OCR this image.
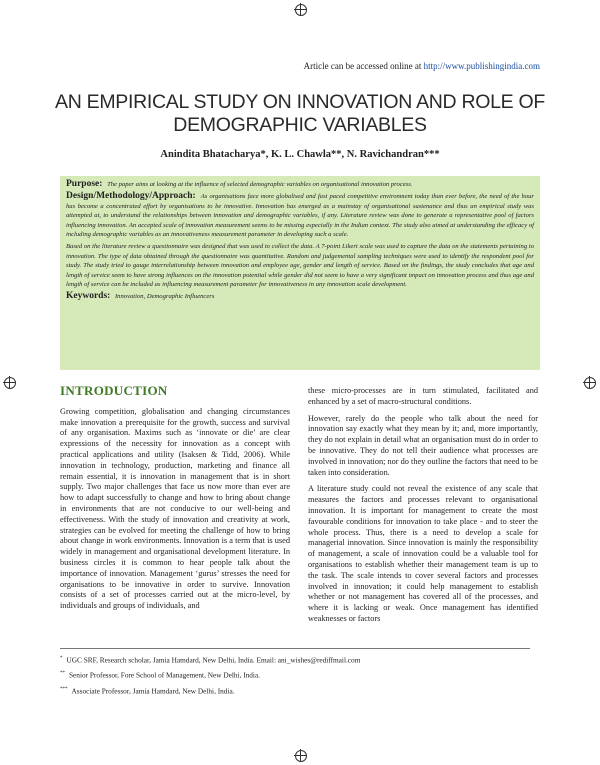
Article can be accessed online at http://www.publishingindia.com
AN EMPIRICAL STUDY ON INNOVATION AND ROLE OF DEMOGRAPHIC VARIABLES
Anindita Bhatacharya*, K. L. Chawla**, N. Ravichandran***

Purpose: The paper aims at looking at the influence of selected demographic variables on organisational innovation process.

Design/Methodology/Approach: As organisations face more globalised and fast paced competitive environment today than ever before, the need of the hour has become a concentrated effort by organisations to be innovative. Innovation has emerged as a mainstay of organisational sustenance and thus an empirical study was attempted at, to understand the relationships between innovation and demographic variables, if any. Literature review was done to generate a representative pool of factors influencing innovation. An accepted scale of innovation measurement seems to be missing especially in the Indian context. The study also aimed at understanding the efficacy of including demographic variables as an innovativeness measurement parameter in developing such a scale.

Based on the literature review a questionnaire was designed that was used to collect the data. A 7-point Likert scale was used to capture the data on the statements pertaining to innovation. The type of data obtained through the questionnaire was quantitative. Random and judgemental sampling techniques were used to identify the respondent pool for study. The study tried to gauge interrelationship between innovation and employee age, gender and length of service. Based on the findings, the study concludes that age and length of service seem to have strong influences on the innovation potential while gender did not seem to have a very significant impact on innovation process and thus age and length of service can be included as influencing measurement parameter for innovativeness in any innovation scale development.

Keywords: Innovation, Demographic Influencers

INTRODUCTION

Growing competition, globalisation and changing circumstances make innovation a prerequisite for the growth, success and survival of any organisation. Maxims such as ‘innovate or die’ are clear expressions of the necessity for innovation as a concept with practical applications and utility (Isaksen & Tidd, 2006). While innovation in technology, production, marketing and finance all remain essential, it is innovation in management that is in short supply. Two major challenges that face us now more than ever are how to adapt successfully to change and how to bring about change in environments that are not conducive to our well-being and effectiveness. With the study of innovation and creativity at work, strategies can be evolved for meeting the challenge of how to bring about change in work environments. Innovation is a term that is used widely in management and organisational development literature. In business circles it is common to hear people talk about the importance of innovation. Management ‘gurus’ stresses the need for organisations to be innovative in order to survive. Innovation consists of a set of processes carried out at the micro-level, by individuals and groups of individuals, and

these micro-processes are in turn stimulated, facilitated and enhanced by a set of macro-structural conditions.

However, rarely do the people who talk about the need for innovation say exactly what they mean by it; and, more importantly, they do not explain in detail what an organisation must do in order to be innovative. They do not tell their audience what processes are involved in innovation; nor do they outline the factors that need to be taken into consideration.

A literature study could not reveal the existence of any scale that measures the factors and processes relevant to organisational innovation. It is important for management to create the most favourable conditions for innovation to take place - and to steer the whole process. Thus, there is a need to develop a scale for managerial innovation. Since innovation is mainly the responsibility of management, a scale of innovation could be a valuable tool for organisations to establish whether their management team is up to the task. The scale intends to cover several factors and processes involved in innovation; it could help management to establish whether or not management has covered all of the processes, and where it is lacking or weak. Once management has identified weaknesses or factors

* UGC SRF, Research scholar, Jamia Hamdard, New Delhi, India. Email: ani_wishes@rediffmail.com
** Senior Professor, Fore School of Management, New Delhi, India.
*** Associate Professor, Jamia Hamdard, New Delhi, India.
